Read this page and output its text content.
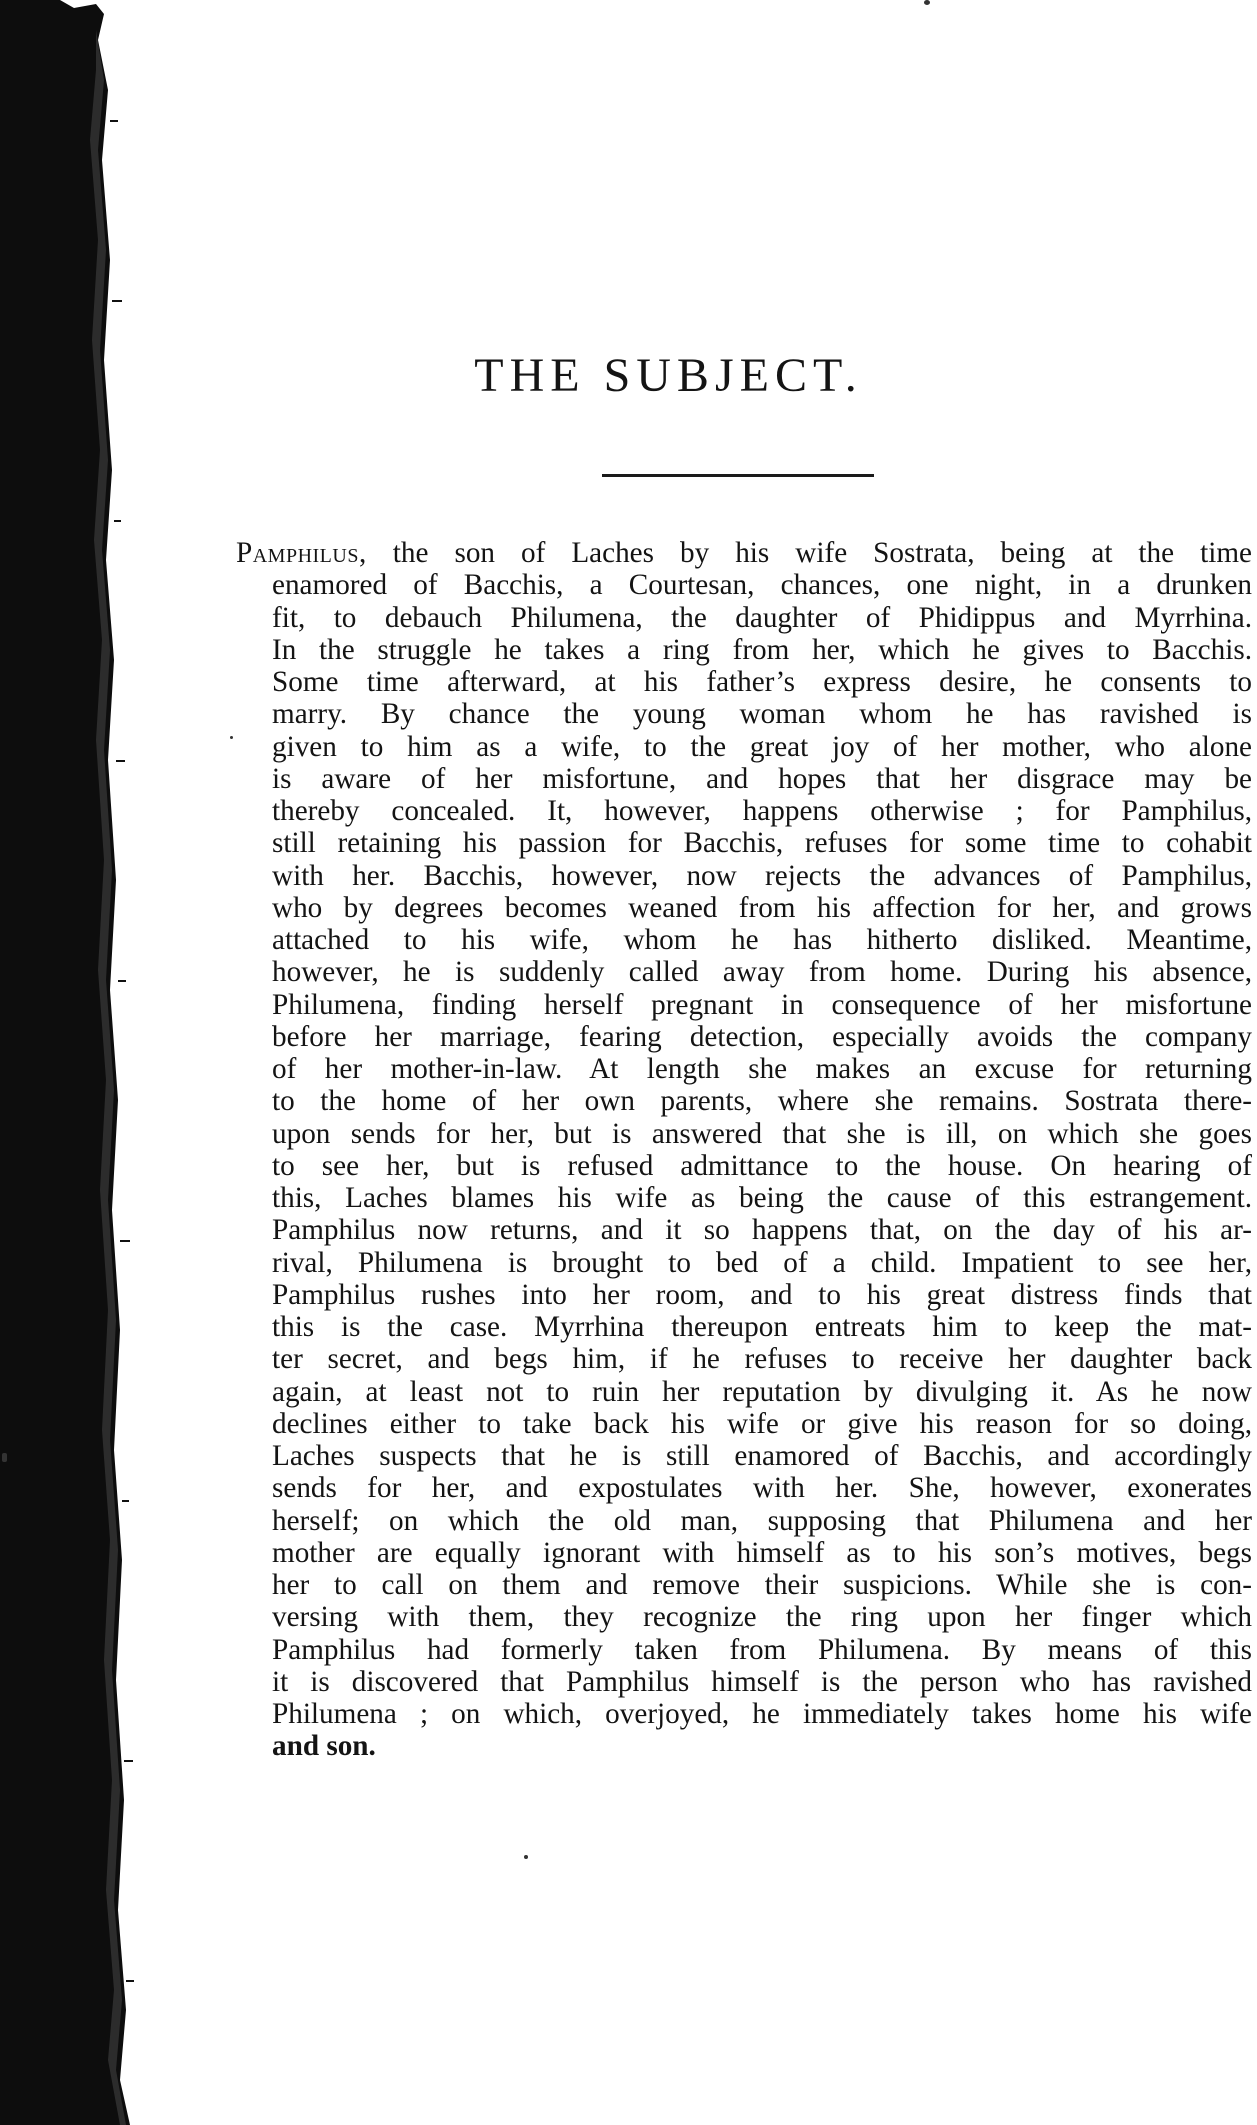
THE SUBJECT.
Pamphilus, the son of Laches by his wife Sostrata, being at the time
enamored of Bacchis, a Courtesan, chances, one night, in a drunken
fit, to debauch Philumena, the daughter of Phidippus and Myrrhina.
In the struggle he takes a ring from her, which he gives to Bacchis.
Some time afterward, at his father’s express desire, he consents to
marry. By chance the young woman whom he has ravished is
given to him as a wife, to the great joy of her mother, who alone
is aware of her misfortune, and hopes that her disgrace may be
thereby concealed. It, however, happens otherwise ; for Pamphilus,
still retaining his passion for Bacchis, refuses for some time to cohabit
with her. Bacchis, however, now rejects the advances of Pamphilus,
who by degrees becomes weaned from his affection for her, and grows
attached to his wife, whom he has hitherto disliked. Meantime,
however, he is suddenly called away from home. During his absence,
Philumena, finding herself pregnant in consequence of her misfortune
before her marriage, fearing detection, especially avoids the company
of her mother-in-law. At length she makes an excuse for returning
to the home of her own parents, where she remains. Sostrata there-
upon sends for her, but is answered that she is ill, on which she goes
to see her, but is refused admittance to the house. On hearing of
this, Laches blames his wife as being the cause of this estrangement.
Pamphilus now returns, and it so happens that, on the day of his ar-
rival, Philumena is brought to bed of a child. Impatient to see her,
Pamphilus rushes into her room, and to his great distress finds that
this is the case. Myrrhina thereupon entreats him to keep the mat-
ter secret, and begs him, if he refuses to receive her daughter back
again, at least not to ruin her reputation by divulging it. As he now
declines either to take back his wife or give his reason for so doing,
Laches suspects that he is still enamored of Bacchis, and accordingly
sends for her, and expostulates with her. She, however, exonerates
herself; on which the old man, supposing that Philumena and her
mother are equally ignorant with himself as to his son’s motives, begs
her to call on them and remove their suspicions. While she is con-
versing with them, they recognize the ring upon her finger which
Pamphilus had formerly taken from Philumena. By means of this
it is discovered that Pamphilus himself is the person who has ravished
Philumena ; on which, overjoyed, he immediately takes home his wife
and son.
